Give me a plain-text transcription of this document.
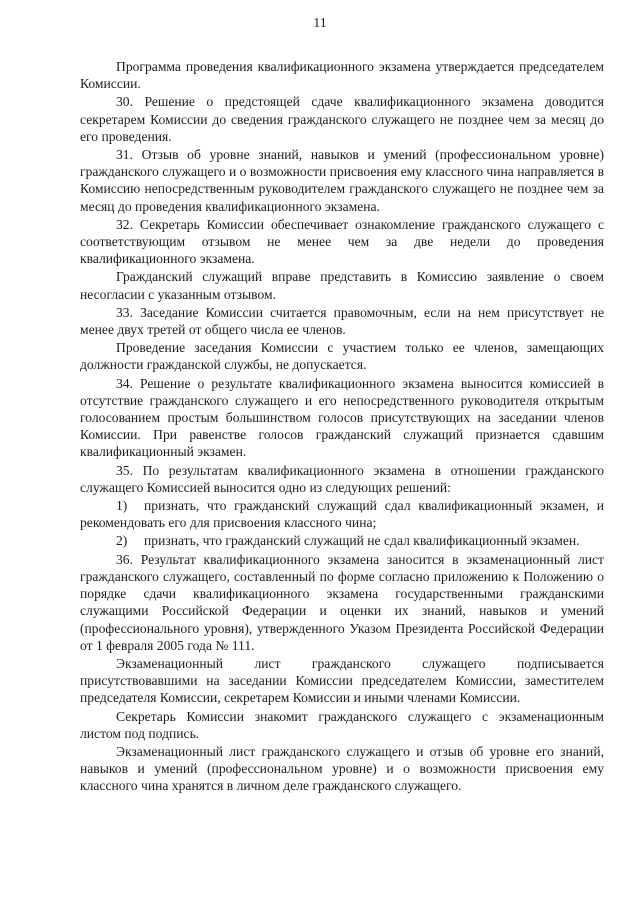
11

Программа проведения квалификационного экзамена утверждается председателем Комиссии.

30. Решение о предстоящей сдаче квалификационного экзамена доводится секретарем Комиссии до сведения гражданского служащего не позднее чем за месяц до его проведения.

31. Отзыв об уровне знаний, навыков и умений (профессиональном уровне) гражданского служащего и о возможности присвоения ему классного чина направляется в Комиссию непосредственным руководителем гражданского служащего не позднее чем за месяц до проведения квалификационного экзамена.

32. Секретарь Комиссии обеспечивает ознакомление гражданского служащего с соответствующим отзывом не менее чем за две недели до проведения квалификационного экзамена.

Гражданский служащий вправе представить в Комиссию заявление о своем несогласии с указанным отзывом.

33. Заседание Комиссии считается правомочным, если на нем присутствует не менее двух третей от общего числа ее членов.

Проведение заседания Комиссии с участием только ее членов, замещающих должности гражданской службы, не допускается.

34. Решение о результате квалификационного экзамена выносится комиссией в отсутствие гражданского служащего и его непосредственного руководителя открытым голосованием простым большинством голосов присутствующих на заседании членов Комиссии. При равенстве голосов гражданский служащий признается сдавшим квалификационный экзамен.

35. По результатам квалификационного экзамена в отношении гражданского служащего Комиссией выносится одно из следующих решений:

1) признать, что гражданский служащий сдал квалификационный экзамен, и рекомендовать его для присвоения классного чина;

2) признать, что гражданский служащий не сдал квалификационный экзамен.

36. Результат квалификационного экзамена заносится в экзаменационный лист гражданского служащего, составленный по форме согласно приложению к Положению о порядке сдачи квалификационного экзамена государственными гражданскими служащими Российской Федерации и оценки их знаний, навыков и умений (профессионального уровня), утвержденного Указом Президента Российской Федерации от 1 февраля 2005 года № 111.

Экзаменационный лист гражданского служащего подписывается присутствовавшими на заседании Комиссии председателем Комиссии, заместителем председателя Комиссии, секретарем Комиссии и иными членами Комиссии.

Секретарь Комиссии знакомит гражданского служащего с экзаменационным листом под подпись.

Экзаменационный лист гражданского служащего и отзыв об уровне его знаний, навыков и умений (профессиональном уровне) и о возможности присвоения ему классного чина хранятся в личном деле гражданского служащего.
